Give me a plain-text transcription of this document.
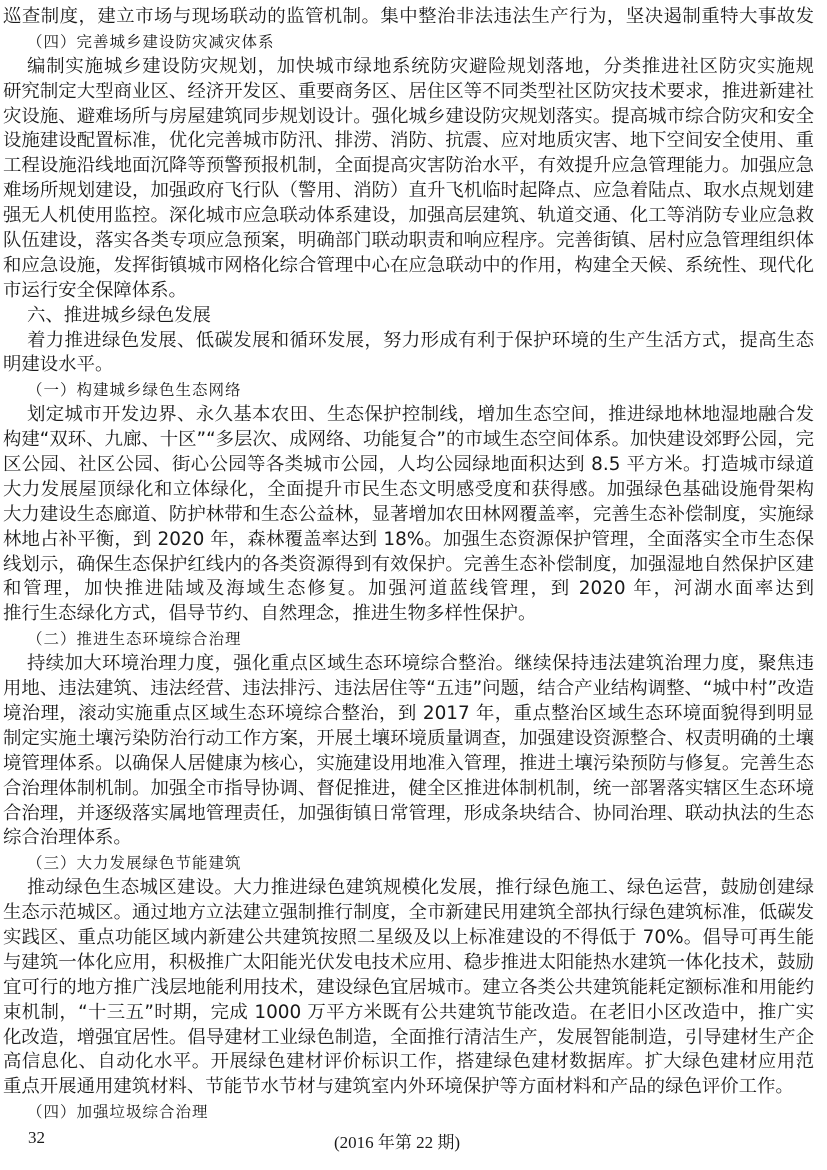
巡查制度，建立市场与现场联动的监管机制。集中整治非法违法生产行为，坚决遏制重特大事故发
（四）完善城乡建设防灾减灾体系
编制实施城乡建设防灾规划，加快城市绿地系统防灾避险规划落地，分类推进社区防灾实施规
研究制定大型商业区、经济开发区、重要商务区、居住区等不同类型社区防灾技术要求，推进新建社
灾设施、避难场所与房屋建筑同步规划设计。强化城乡建设防灾规划落实。提高城市综合防灾和安全
设施建设配置标准，优化完善城市防汛、排涝、消防、抗震、应对地质灾害、地下空间安全使用、重
工程设施沿线地面沉降等预警预报机制，全面提高灾害防治水平，有效提升应急管理能力。加强应急
难场所规划建设，加强政府飞行队（警用、消防）直升飞机临时起降点、应急着陆点、取水点规划建
强无人机使用监控。深化城市应急联动体系建设，加强高层建筑、轨道交通、化工等消防专业应急救
队伍建设，落实各类专项应急预案，明确部门联动职责和响应程序。完善街镇、居村应急管理组织体
和应急设施，发挥街镇城市网格化综合管理中心在应急联动中的作用，构建全天候、系统性、现代化
市运行安全保障体系。
六、推进城乡绿色发展
着力推进绿色发展、低碳发展和循环发展，努力形成有利于保护环境的生产生活方式，提高生态
明建设水平。
（一）构建城乡绿色生态网络
划定城市开发边界、永久基本农田、生态保护控制线，增加生态空间，推进绿地林地湿地融合发
构建“双环、九廊、十区”“多层次、成网络、功能复合”的市域生态空间体系。加快建设郊野公园，完
区公园、社区公园、街心公园等各类城市公园，人均公园绿地面积达到 8.5 平方米。打造城市绿道
大力发展屋顶绿化和立体绿化，全面提升市民生态文明感受度和获得感。加强绿色基础设施骨架构
大力建设生态廊道、防护林带和生态公益林，显著增加农田林网覆盖率，完善生态补偿制度，实施绿
林地占补平衡，到 2020 年，森林覆盖率达到 18%。加强生态资源保护管理，全面落实全市生态保
线划示，确保生态保护红线内的各类资源得到有效保护。完善生态补偿制度，加强湿地自然保护区建
和管理，加快推进陆域及海域生态修复。加强河道蓝线管理，到 2020 年，河湖水面率达到
推行生态绿化方式，倡导节约、自然理念，推进生物多样性保护。
（二）推进生态环境综合治理
持续加大环境治理力度，强化重点区域生态环境综合整治。继续保持违法建筑治理力度，聚焦违
用地、违法建筑、违法经营、违法排污、违法居住等“五违”问题，结合产业结构调整、“城中村”改造
境治理，滚动实施重点区域生态环境综合整治，到 2017 年，重点整治区域生态环境面貌得到明显
制定实施土壤污染防治行动工作方案，开展土壤环境质量调查，加强建设资源整合、权责明确的土壤
境管理体系。以确保人居健康为核心，实施建设用地准入管理，推进土壤污染预防与修复。完善生态
合治理体制机制。加强全市指导协调、督促推进，健全区推进体制机制，统一部署落实辖区生态环境
合治理，并逐级落实属地管理责任，加强街镇日常管理，形成条块结合、协同治理、联动执法的生态
综合治理体系。
（三）大力发展绿色节能建筑
推动绿色生态城区建设。大力推进绿色建筑规模化发展，推行绿色施工、绿色运营，鼓励创建绿
生态示范城区。通过地方立法建立强制推行制度，全市新建民用建筑全部执行绿色建筑标准，低碳发
实践区、重点功能区域内新建公共建筑按照二星级及以上标准建设的不得低于 70%。倡导可再生能
与建筑一体化应用，积极推广太阳能光伏发电技术应用、稳步推进太阳能热水建筑一体化技术，鼓励
宜可行的地方推广浅层地能利用技术，建设绿色宜居城市。建立各类公共建筑能耗定额标准和用能约
束机制，“十三五”时期，完成 1000 万平方米既有公共建筑节能改造。在老旧小区改造中，推广实
化改造，增强宜居性。倡导建材工业绿色制造，全面推行清洁生产，发展智能制造，引导建材生产企
高信息化、自动化水平。开展绿色建材评价标识工作，搭建绿色建材数据库。扩大绿色建材应用范
重点开展通用建筑材料、节能节水节材与建筑室内外环境保护等方面材料和产品的绿色评价工作。
（四）加强垃圾综合治理
32	(2016 年第 22 期)
